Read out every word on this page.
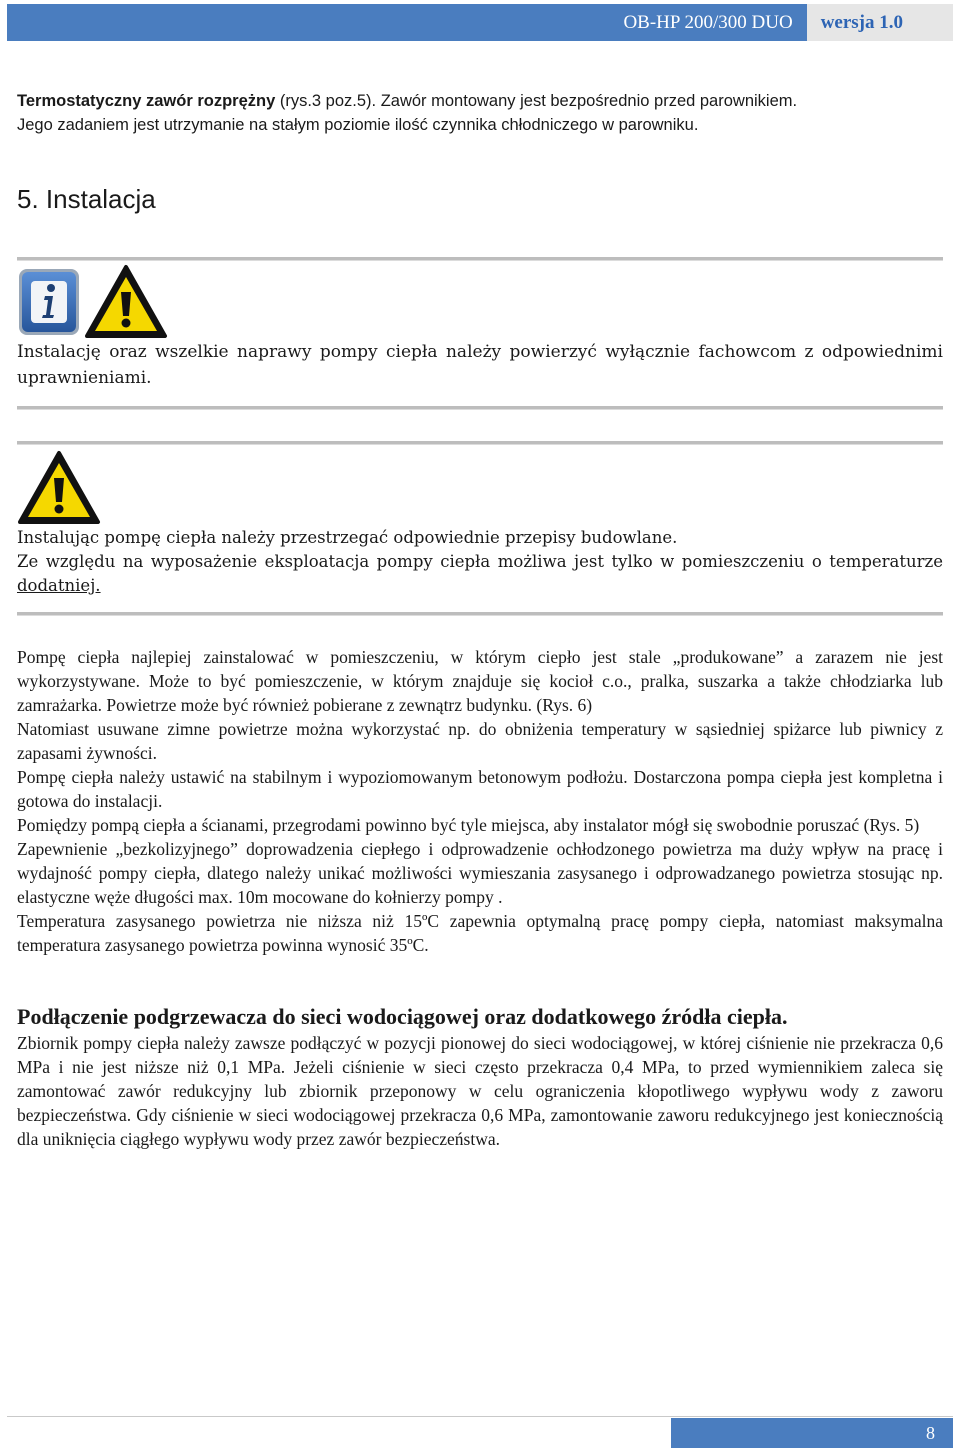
OB-HP 200/300 DUO	wersja 1.0

Termostatyczny zawór rozprężny (rys.3 poz.5). Zawór montowany jest bezpośrednio przed parownikiem.

Jego zadaniem jest utrzymanie na stałym poziomie ilość czynnika chłodniczego w parowniku.

5. Instalacja
Instalację oraz wszelkie naprawy pompy ciepła należy powierzyć wyłącznie fachowcom z odpowiednimi uprawnieniami.

Instalując pompę ciepła należy przestrzegać odpowiednie przepisy budowlane.

Ze względu na wyposażenie eksploatacja pompy ciepła możliwa jest tylko w pomieszczeniu o temperaturze dodatniej.

Pompę ciepła najlepiej zainstalować w pomieszczeniu, w którym ciepło jest stale „produkowane” a zarazem nie jest wykorzystywane. Może to być pomieszczenie, w którym znajduje się kocioł c.o., pralka, suszarka a także chłodziarka lub zamrażarka. Powietrze może być również pobierane z zewnątrz budynku. (Rys. 6)

Natomiast usuwane zimne powietrze można wykorzystać np. do obniżenia temperatury w sąsiedniej spiżarce lub piwnicy z zapasami żywności.

Pompę ciepła należy ustawić na stabilnym i wypoziomowanym betonowym podłożu. Dostarczona pompa ciepła jest kompletna i gotowa do instalacji.

Pomiędzy pompą ciepła a ścianami, przegrodami powinno być tyle miejsca, aby instalator mógł się swobodnie poruszać (Rys. 5)

Zapewnienie „bezkolizyjnego” doprowadzenia ciepłego i odprowadzenie ochłodzonego powietrza ma duży wpływ na pracę i wydajność pompy ciepła, dlatego należy unikać możliwości wymieszania zasysanego i odprowadzanego powietrza stosując np. elastyczne węże długości max. 10m mocowane do kołnierzy pompy .

Temperatura zasysanego powietrza nie niższa niż 15ºC zapewnia optymalną pracę pompy ciepła, natomiast maksymalna temperatura zasysanego powietrza powinna wynosić 35ºC.

Podłączenie podgrzewacza do sieci wodociągowej oraz dodatkowego źródła ciepła.
Zbiornik pompy ciepła należy zawsze podłączyć w pozycji pionowej do sieci wodociągowej, w której ciśnienie nie przekracza 0,6 MPa i nie jest niższe niż 0,1 MPa. Jeżeli ciśnienie w sieci często przekracza 0,4 MPa, to przed wymiennikiem zaleca się zamontować zawór redukcyjny lub zbiornik przeponowy w celu ograniczenia kłopotliwego wypływu wody z zaworu bezpieczeństwa. Gdy ciśnienie w sieci wodociągowej przekracza 0,6 MPa, zamontowanie zaworu redukcyjnego jest koniecznością dla uniknięcia ciągłego wypływu wody przez zawór bezpieczeństwa.
8
